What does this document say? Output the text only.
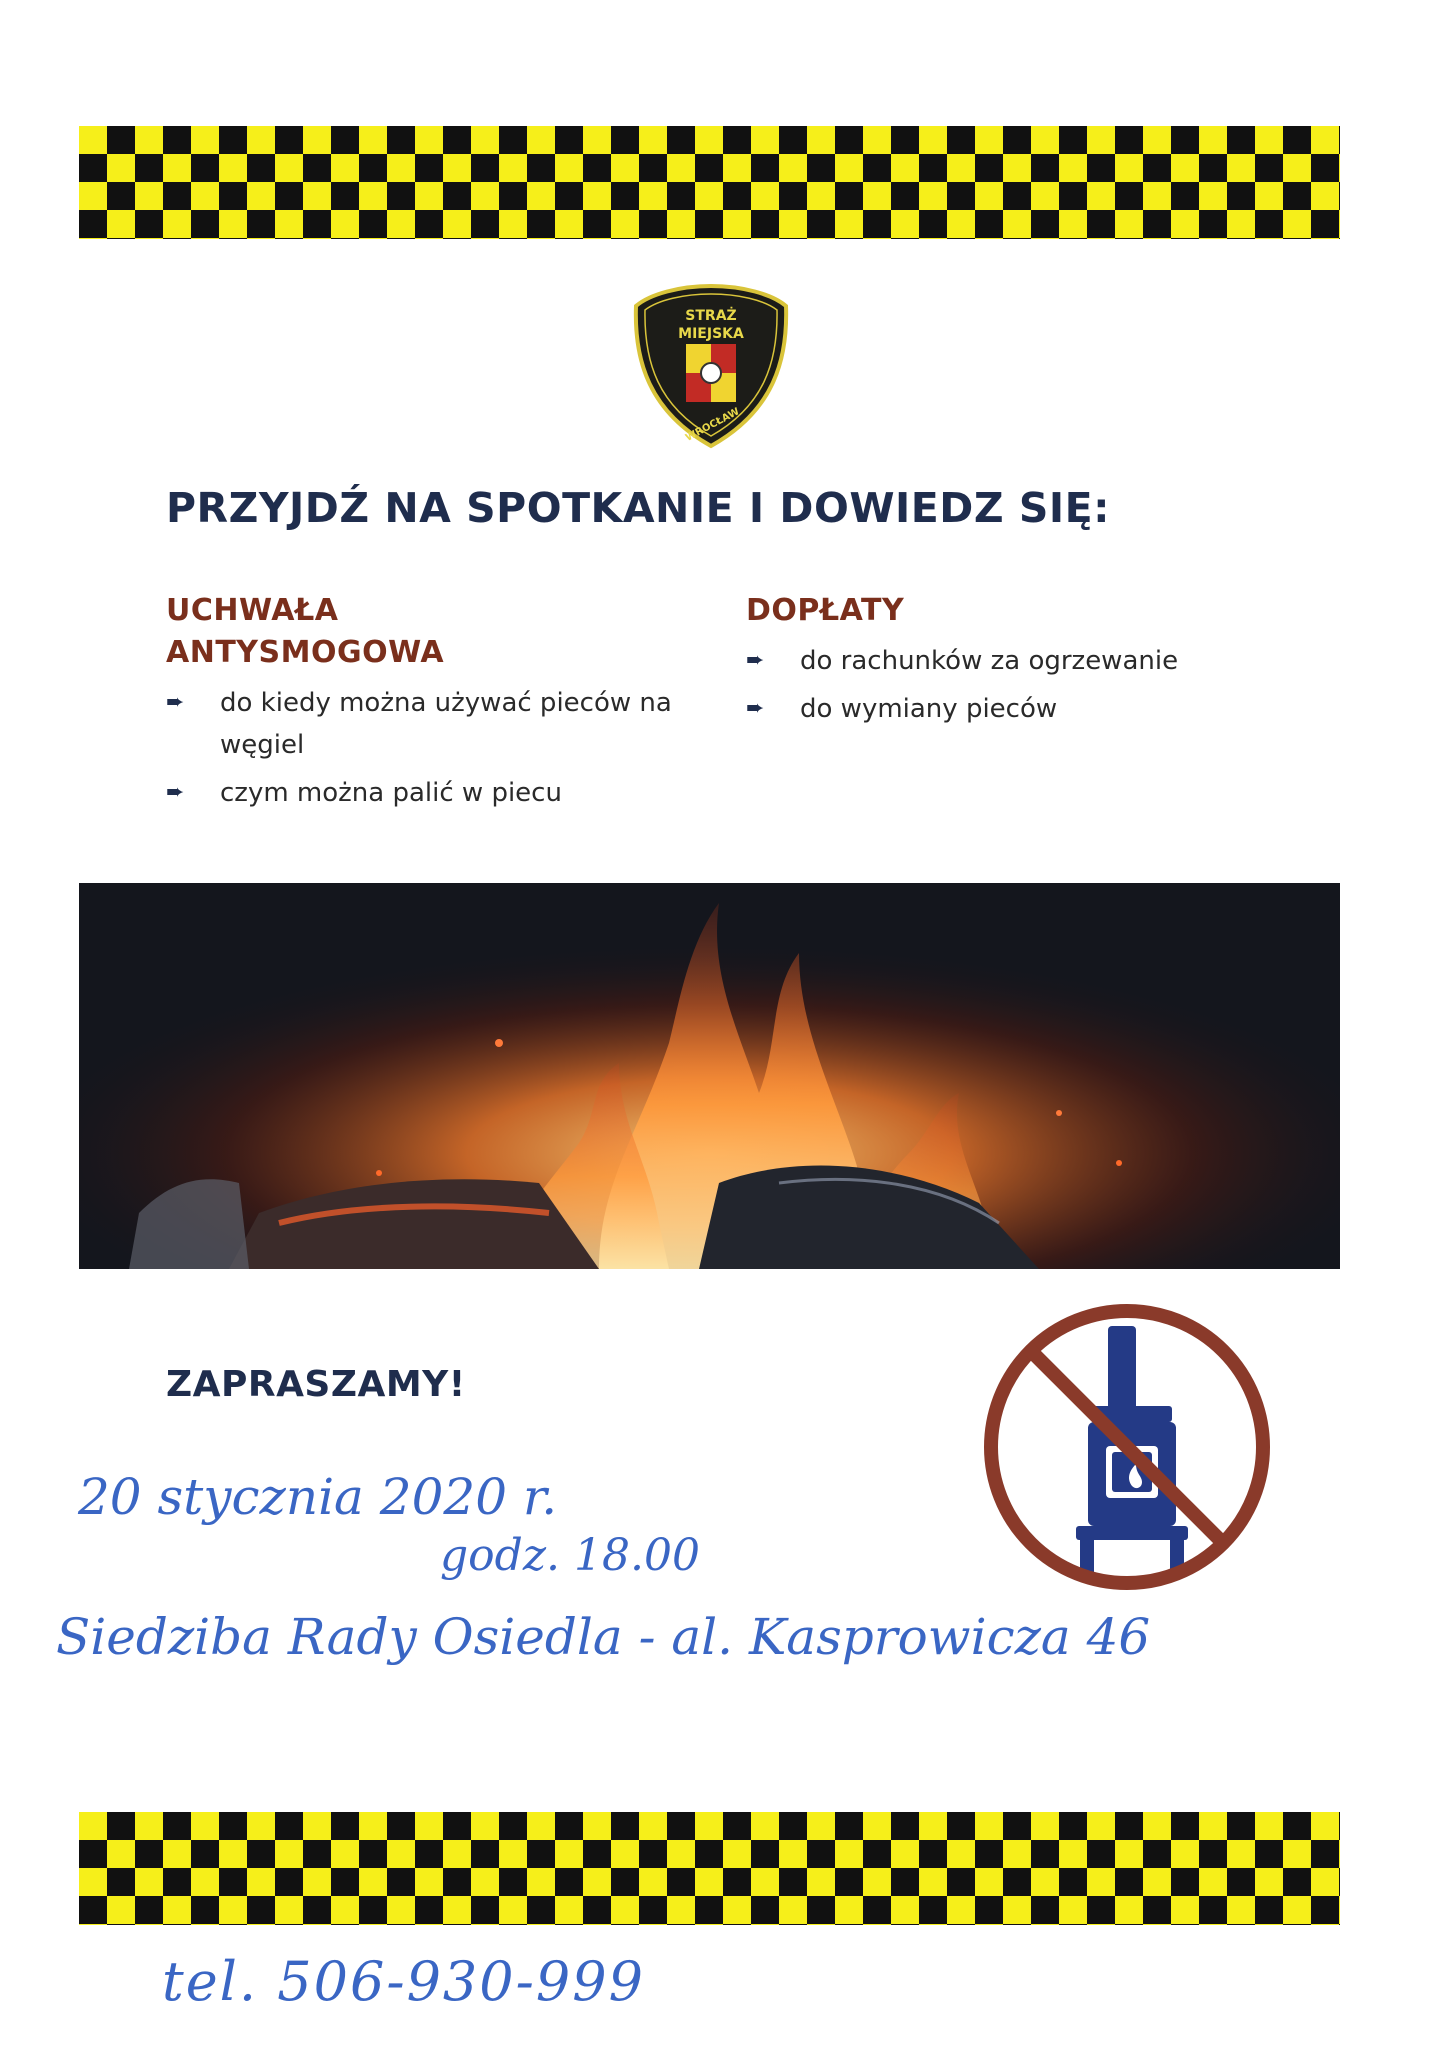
STRAŻ
MIEJSKA
WROCŁAW
PRZYJDŹ NA SPOTKANIE I DOWIEDZ SIĘ:
UCHWAŁA ANTYSMOGOWA
➨ do kiedy można używać pieców na węgiel
➨ czym można palić w piecu
DOPŁATY
➨ do rachunków za ogrzewanie
➨ do wymiany pieców
ZAPRASZAMY!
20 stycznia 2020 r.
godz. 18.00
Siedziba Rady Osiedla - al. Kasprowicza 46
tel. 506-930-999
